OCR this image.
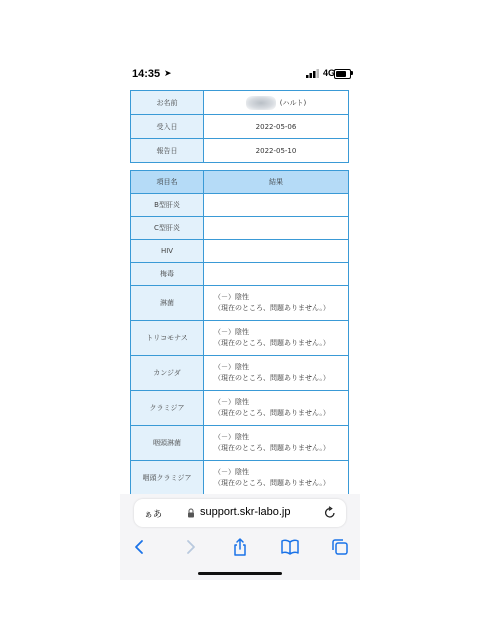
14:35 ➤	4G
お名前	(ハルト)
受入日	2022-05-06
報告日	2022-05-10
項目名	結果
B型肝炎	
C型肝炎	
HIV	
梅毒	
淋菌	（－）陰性
（現在のところ、問題ありません。）

トリコモナス	（－）陰性
（現在のところ、問題ありません。）

カンジダ	（－）陰性
（現在のところ、問題ありません。）

クラミジア	（－）陰性
（現在のところ、問題ありません。）

咽頭淋菌	（－）陰性
（現在のところ、問題ありません。）

咽頭クラミジア	（－）陰性
（現在のところ、問題ありません。）
ぁあ	support.skr-labo.jp
